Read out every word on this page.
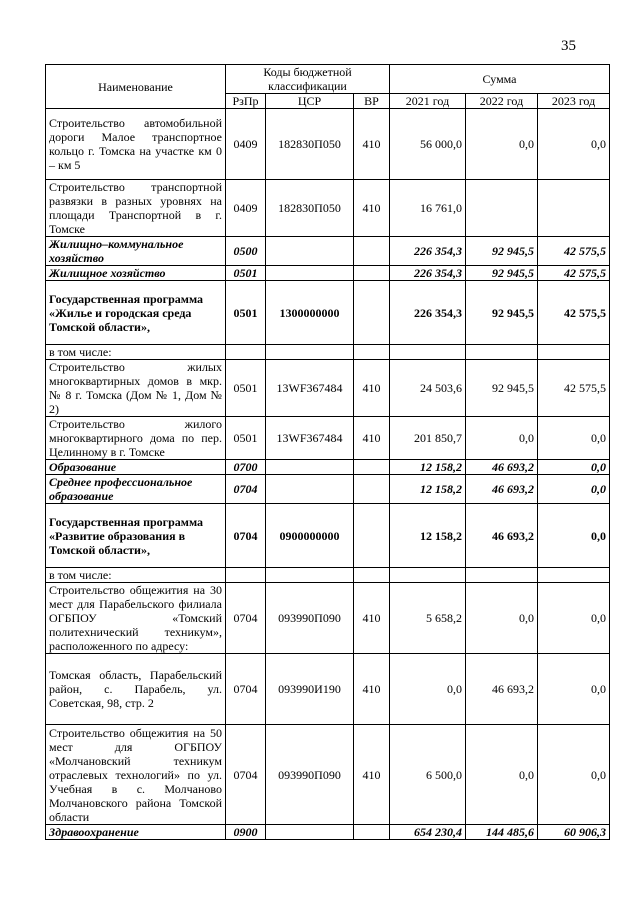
35
Наименование	Коды бюджетной классификации			Сумма		
	РзПр	ЦСР	ВР	2021 год	2022 год	2023 год
Строительство автомобильной дороги Малое транспортное кольцо г. Томска на участке км 0 – км 5	0409	182830П050	410	56 000,0	0,0	0,0
Строительство транспортной развязки в разных уровнях на площади Транспортной в г. Томске	0409	182830П050	410	16 761,0		
Жилищно–коммунальное хозяйство	0500			226 354,3	92 945,5	42 575,5
Жилищное хозяйство	0501			226 354,3	92 945,5	42 575,5
Государственная программа «Жилье и городская среда Томской области»,	0501	1300000000		226 354,3	92 945,5	42 575,5
в том числе:						
Строительство жилых многоквартирных домов в мкр. № 8 г. Томска (Дом № 1, Дом № 2)	0501	13WF367484	410	24 503,6	92 945,5	42 575,5
Строительство жилого многоквартирного дома по пер. Целинному в г. Томске	0501	13WF367484	410	201 850,7	0,0	0,0
Образование	0700			12 158,2	46 693,2	0,0
Среднее профессиональное образование	0704			12 158,2	46 693,2	0,0
Государственная программа «Развитие образования в Томской области»,	0704	0900000000		12 158,2	46 693,2	0,0
в том числе:						
Строительство общежития на 30 мест для Парабельского филиала ОГБПОУ «Томский политехнический техникум», расположенного по адресу:	0704	093990П090	410	5 658,2	0,0	0,0
Томская область, Парабельский район, с. Парабель, ул. Советская, 98, стр. 2	0704	093990И190	410	0,0	46 693,2	0,0
Строительство общежития на 50 мест для ОГБПОУ «Молчановский техникум отраслевых технологий» по ул. Учебная в с. Молчаново Молчановского района Томской области	0704	093990П090	410	6 500,0	0,0	0,0
Здравоохранение	0900			654 230,4	144 485,6	60 906,3
